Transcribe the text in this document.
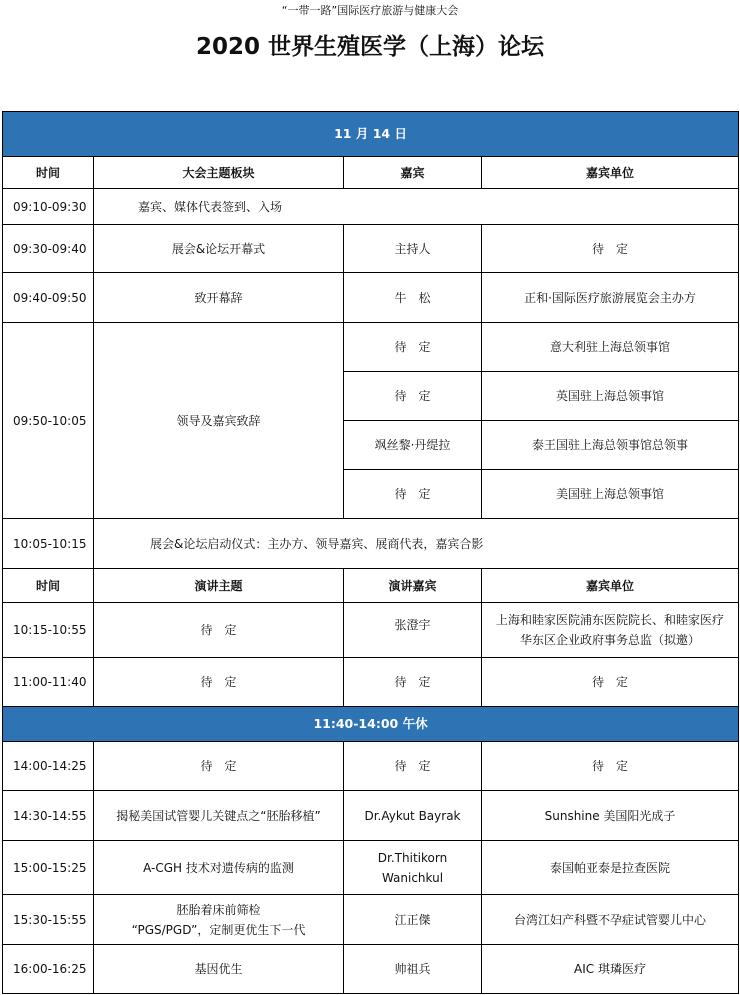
“一带一路”国际医疗旅游与健康大会
2020 世界生殖医学（上海）论坛
11 月 14 日			
时间	大会主题板块	嘉宾	嘉宾单位
09:10-09:30	嘉宾、媒体代表签到、入场		
09:30-09:40	展会&论坛开幕式	主持人	待　定
09:40-09:50	致开幕辞	牛　松	正和·国际医疗旅游展览会主办方
09:50-10:05	领导及嘉宾致辞	待　定	意大利驻上海总领事馆
		待　定	英国驻上海总领事馆
		飒丝黎·丹缇拉	泰王国驻上海总领事馆总领事
		待　定	美国驻上海总领事馆
10:05-10:15	展会&论坛启动仪式：主办方、领导嘉宾、展商代表，嘉宾合影		
时间	演讲主题	演讲嘉宾	嘉宾单位
10:15-10:55	待　定	张澄宇	上海和睦家医院浦东医院院长、和睦家医疗
华东区企业政府事务总监（拟邀）

11:00-11:40	待　定	待　定	待　定
11:40-14:00 午休			
14:00-14:25	待　定	待　定	待　定
14:30-14:55	揭秘美国试管婴儿关键点之“胚胎移植”	Dr.Aykut Bayrak	Sunshine 美国阳光成子
15:00-15:25	A-CGH 技术对遗传病的监测	Dr.Thitikorn
Wanichkul	泰国帕亚泰是拉查医院
15:30-15:55	胚胎着床前筛检
“PGS/PGD”，定制更优生下一代	江正傑	台湾江妇产科暨不孕症试管婴儿中心
16:00-16:25	基因优生	帅祖兵	AIC 琪璘医疗
